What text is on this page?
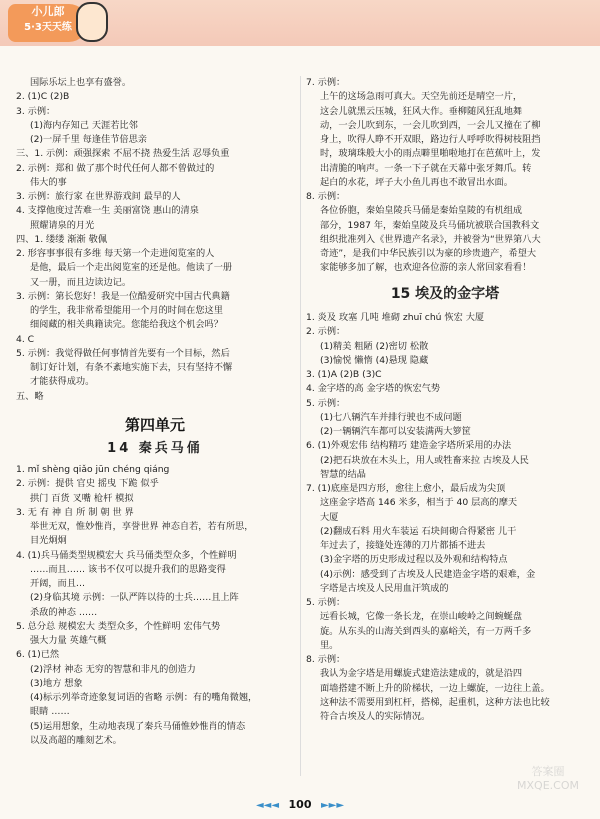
小儿郎
5·3天天练
国际乐坛上也享有盛誉。
2. (1)C (2)B
3. 示例：
(1)海内存知己 天涯若比邻
(2)一屏千里 每逢佳节倍思亲
三、1. 示例：顽强探索 不屈不挠 热爱生活 忍辱负重
2. 示例：郑和 做了那个时代任何人都不曾做过的
伟大的事
3. 示例：旅行家 在世界游戏间 最早的人
4. 支撑他度过苦难一生 美丽富饶 惠山的清泉
照耀请泉的月光
四、1. 缕缕 渐渐 敬佩
2. 形容事事很有多维 每天第一个走进阅览室的人
是他，最后一个走出阅览室的还是他。他读了一册
又一册，而且边读边记。
3. 示例：第长您好！我是一位酷爱研究中国古代典籍
的学生，我非常希望能用一个月的时间在您这里
细阅藏的相关典籍读完。您能给我这个机会吗？
4. C
5. 示例：我觉得做任何事情首先要有一个目标，然后
制订好计划，有条不紊地实施下去，只有坚持不懈
才能获得成功。
五、略
第四单元
14 秦兵马俑
1. mǐ shèng qiǎo jūn chéng qiáng
2. 示例：提供 官史 摇曳 下跪 似乎
拱门 百货 叉嘴 枪杆 模拟
3. 无 有 神 自 所 制 朝 世 界
举世无双，惟妙惟肖，享誉世界 神态自若，若有所思，
目光炯炯
4. (1)兵马俑类型规模宏大 兵马俑类型众多，个性鲜明
……而且…… 该书不仅可以提升我们的思路变得
开阔，而且…
(2)身临其境 示例：一队严阵以待的士兵……且上阵
杀敌的神态 ……
5. 总分总 规模宏大 类型众多，个性鲜明 宏伟气势
强大力量 英雄气概
6. (1)已然
(2)浮材 神态 无穷的智慧和非凡的创造力
(3)地方 想象
(4)标示列举奇迹象复词语的省略 示例：有的嘴角微翘，
眼睛 ……
(5)运用想象，生动地表现了秦兵马俑惟妙惟肖的情态
以及高超的雕刻艺术。
7. 示例：
上午的这场急雨可真大。天空先前还是晴空一片，
这会儿就黑云压城，狂风大作。垂柳随风狂乱地舞
动，一会儿吹到东，一会儿吹到西，一会儿又撞在了柳
身上，吹得人睁不开双眼，路边行人呼呼吹得树枝阻挡
时，玻璃珠般大小的雨点噼里啪啦地打在芭蕉叶上，发
出清脆的响声。一条一下子就在天幕中张牙舞爪。转
起白的水花，坪子大小鱼儿再也不敢冒出水面。
8. 示例：
各位侨胞，秦始皇陵兵马俑是秦始皇陵的有机组成
部分，1987 年，秦始皇陵及兵马俑坑被联合国教科文
组织批准列入《世界遗产名录》，并被誉为“世界第八大
奇迹”，是我们中华民族引以为豪的珍贵遗产，希望大
家能够多加了解，也欢迎各位游的亲人常回家看看！
15 埃及的金字塔
1. 炎及 玫塞 几吨 堆砌 zhuī chú 恢宏 大厦
2. 示例：
(1)精美 粗陋 (2)密切 松散
(3)愉悦 懒惰 (4)悬现 隐藏
3. (1)A (2)B (3)C
4. 金字塔的高 金字塔的恢宏气势
5. 示例：
(1)七八辆汽车并排行驶也不成问题
(2)一辆辆汽车都可以安装满两大箩筐
6. (1)外观宏伟 结构精巧 建造金字塔所采用的办法
(2)把石块放在木头上，用人或牲畜来拉 古埃及人民
智慧的结晶
7. (1)底座是四方形，愈往上愈小，最后成为尖顶
这座金字塔高 146 米多，相当于 40 层高的摩天
大厦
(2)翻成石料 用火车装运 石块间砌合得紧密 儿干
年过去了，接缝处连薄的刀片都插不进去
(3)金字塔的历史形成过程以及外观和结构特点
(4)示例：感受到了古埃及人民建造金字塔的艰难，金
字塔是古埃及人民用血汗筑成的
5. 示例：
远看长城，它像一条长龙，在崇山峻岭之间蜿蜒盘
旋。从东头的山海关到西头的嘉峪关，有一万两千多
里。
8. 示例：
我认为金字塔是用螺旋式建造法建成的，就是沿四
面墙搭建不断上升的阶梯状，一边上螺旋，一边往上盖。
这种法不需要用到杠杆，搭梯，起重机，这种方法也比较
符合古埃及人的实际情况。
◄◄◄ 100 ►►►
答案圈 MXQE.COM
